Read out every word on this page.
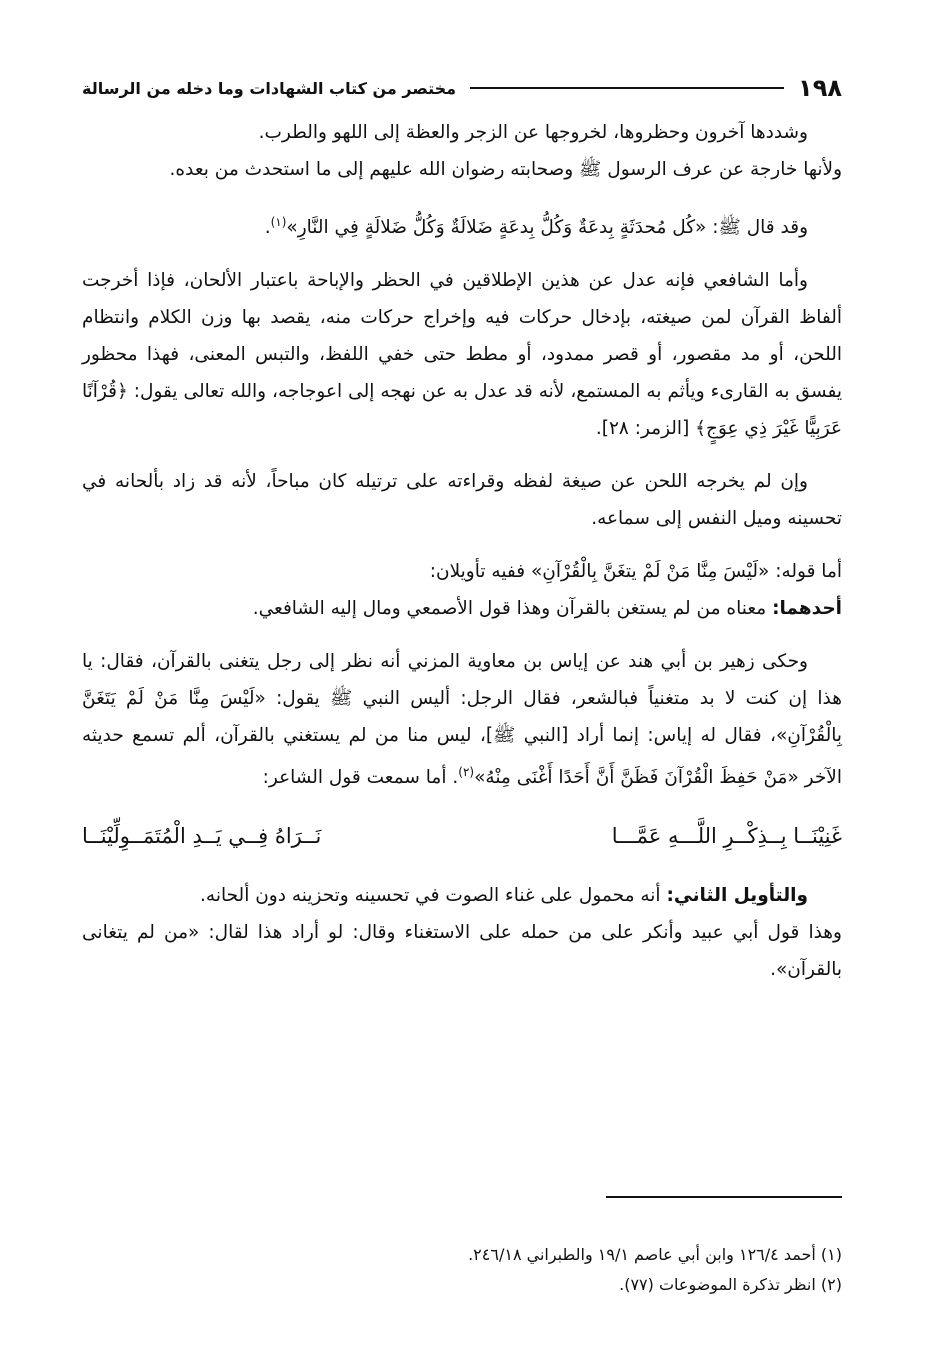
١٩٨
مختصر من كتاب الشهادات وما دخله من الرسالة

وشددها آخرون وحظروها، لخروجها عن الزجر والعظة إلى اللهو والطرب.

ولأنها خارجة عن عرف الرسول ﷺ وصحابته رضوان الله عليهم إلى ما استحدث من بعده.

وقد قال ﷺ: «كُل مُحدَثَةٍ بِدعَةٌ وَكُلُّ بِدعَةٍ ضَلالَةٌ وَكُلُّ ضَلالَةٍ فِي النَّارِ»$^{(١)}$.

وأما الشافعي فإنه عدل عن هذين الإطلاقين في الحظر والإباحة باعتبار الألحان، فإذا أخرجت ألفاظ القرآن لمن صيغته، بإدخال حركات فيه وإخراج حركات منه، يقصد بها وزن الكلام وانتظام اللحن، أو مد مقصور، أو قصر ممدود، أو مطط حتى خفي اللفظ، والتبس المعنى، فهذا محظور يفسق به القارىء ويأثم به المستمع، لأنه قد عدل به عن نهجه إلى اعوجاجه، والله تعالى يقول: ﴿قُرْآنًا عَرَبِيًّا غَيْرَ ذِي عِوَجٍ﴾ [الزمر: ٢٨].

وإن لم يخرجه اللحن عن صيغة لفظه وقراءته على ترتيله كان مباحاً، لأنه قد زاد بألحانه في تحسينه وميل النفس إلى سماعه.

أما قوله: «لَيْسَ مِنَّا مَنْ لَمْ يتغَنَّ بِالْقُرْآنِ» ففيه تأويلان:

أحدهما: معناه من لم يستغن بالقرآن وهذا قول الأصمعي ومال إليه الشافعي.

وحكى زهير بن أبي هند عن إياس بن معاوية المزني أنه نظر إلى رجل يتغنى بالقرآن، فقال: يا هذا إن كنت لا بد متغنياً فبالشعر، فقال الرجل: أليس النبي ﷺ يقول: «لَيْسَ مِنَّا مَنْ لَمْ يَتَغَنَّ بِالْقُرْآنِ»، فقال له إياس: إنما أراد [النبي ﷺ]، ليس منا من لم يستغني بالقرآن، ألم تسمع حديثه الآخر «مَنْ حَفِظَ الْقُرْآنَ فَظَنَّ أَنَّ أَحَدًا أَغْنَى مِنْهُ»$^{(٢)}$. أما سمعت قول الشاعر:

غَنِيْنَــا بِــذِكْــرِ اللَّـــهِ عَمَّـــا
نَــرَاهُ فِــي يَــدِ الْمُتَمَــوِلِّيْنَــا

والتأويل الثاني: أنه محمول على غناء الصوت في تحسينه وتحزينه دون ألحانه.

وهذا قول أبي عبيد وأنكر على من حمله على الاستغناء وقال: لو أراد هذا لقال: «من لم يتغانى بالقرآن».

(١) أحمد ١٢٦/٤ وابن أبي عاصم ١٩/١ والطبراني ٢٤٦/١٨.

(٢) انظر تذكرة الموضوعات (٧٧).
